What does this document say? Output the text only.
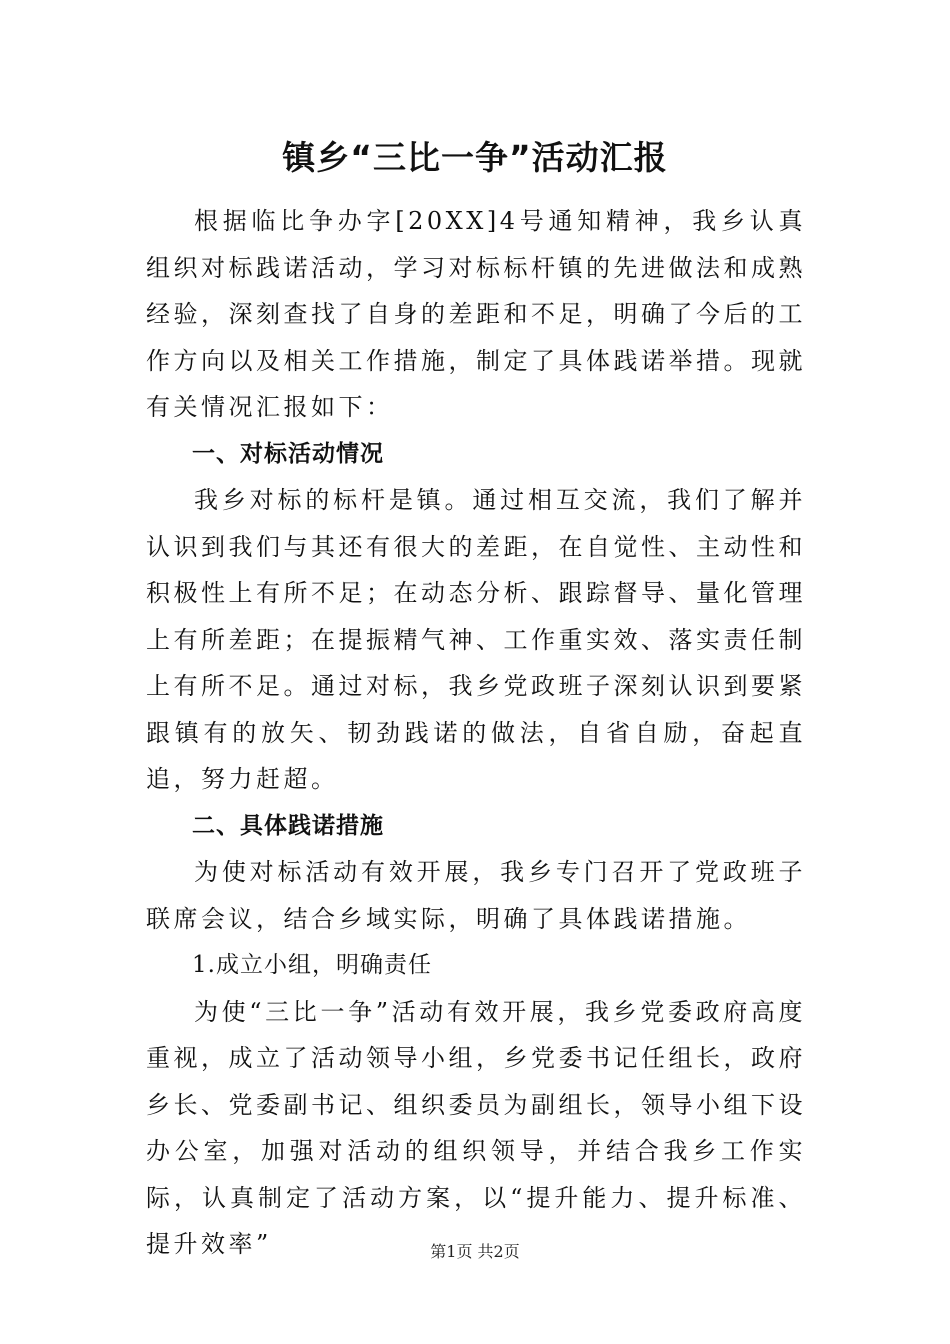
镇乡“三比一争”活动汇报

根据临比争办字[20XX]4号通知精神，我乡认真组织对标践诺活动，学习对标标杆镇的先进做法和成熟经验，深刻查找了自身的差距和不足，明确了今后的工作方向以及相关工作措施，制定了具体践诺举措。现就有关情况汇报如下：

一、对标活动情况

我乡对标的标杆是镇。通过相互交流，我们了解并认识到我们与其还有很大的差距，在自觉性、主动性和积极性上有所不足；在动态分析、跟踪督导、量化管理上有所差距；在提振精气神、工作重实效、落实责任制上有所不足。通过对标，我乡党政班子深刻认识到要紧跟镇有的放矢、韧劲践诺的做法，自省自励，奋起直追，努力赶超。

二、具体践诺措施

为使对标活动有效开展，我乡专门召开了党政班子联席会议，结合乡域实际，明确了具体践诺措施。

1.成立小组，明确责任

为使“三比一争”活动有效开展，我乡党委政府高度重视，成立了活动领导小组，乡党委书记任组长，政府乡长、党委副书记、组织委员为副组长，领导小组下设办公室，加强对活动的组织领导，并结合我乡工作实际，认真制定了活动方案，以“提升能力、提升标准、提升效率”	第1页 共2页
